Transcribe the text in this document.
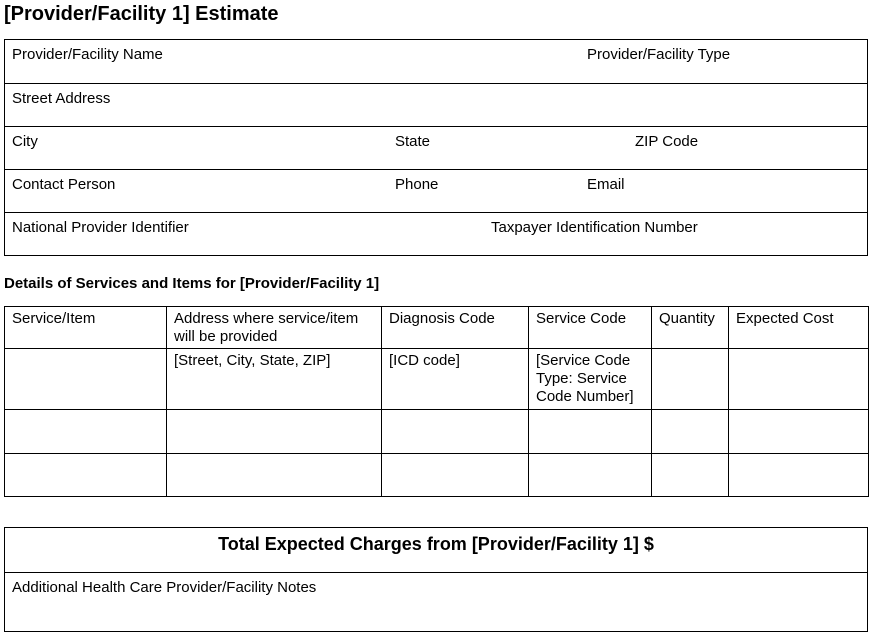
[Provider/Facility 1] Estimate
Provider/Facility Name	Provider/Facility Type
Street Address
City	State	ZIP Code
Contact Person	Phone	Email
National Provider Identifier	Taxpayer Identification Number
Details of Services and Items for [Provider/Facility 1]
Service/Item	Address where service/item will be provided	Diagnosis Code	Service Code	Quantity	Expected Cost
	[Street, City, State, ZIP]	[ICD code]	[Service Code Type: Service Code Number]		

Total Expected Charges from [Provider/Facility 1] $
Additional Health Care Provider/Facility Notes
